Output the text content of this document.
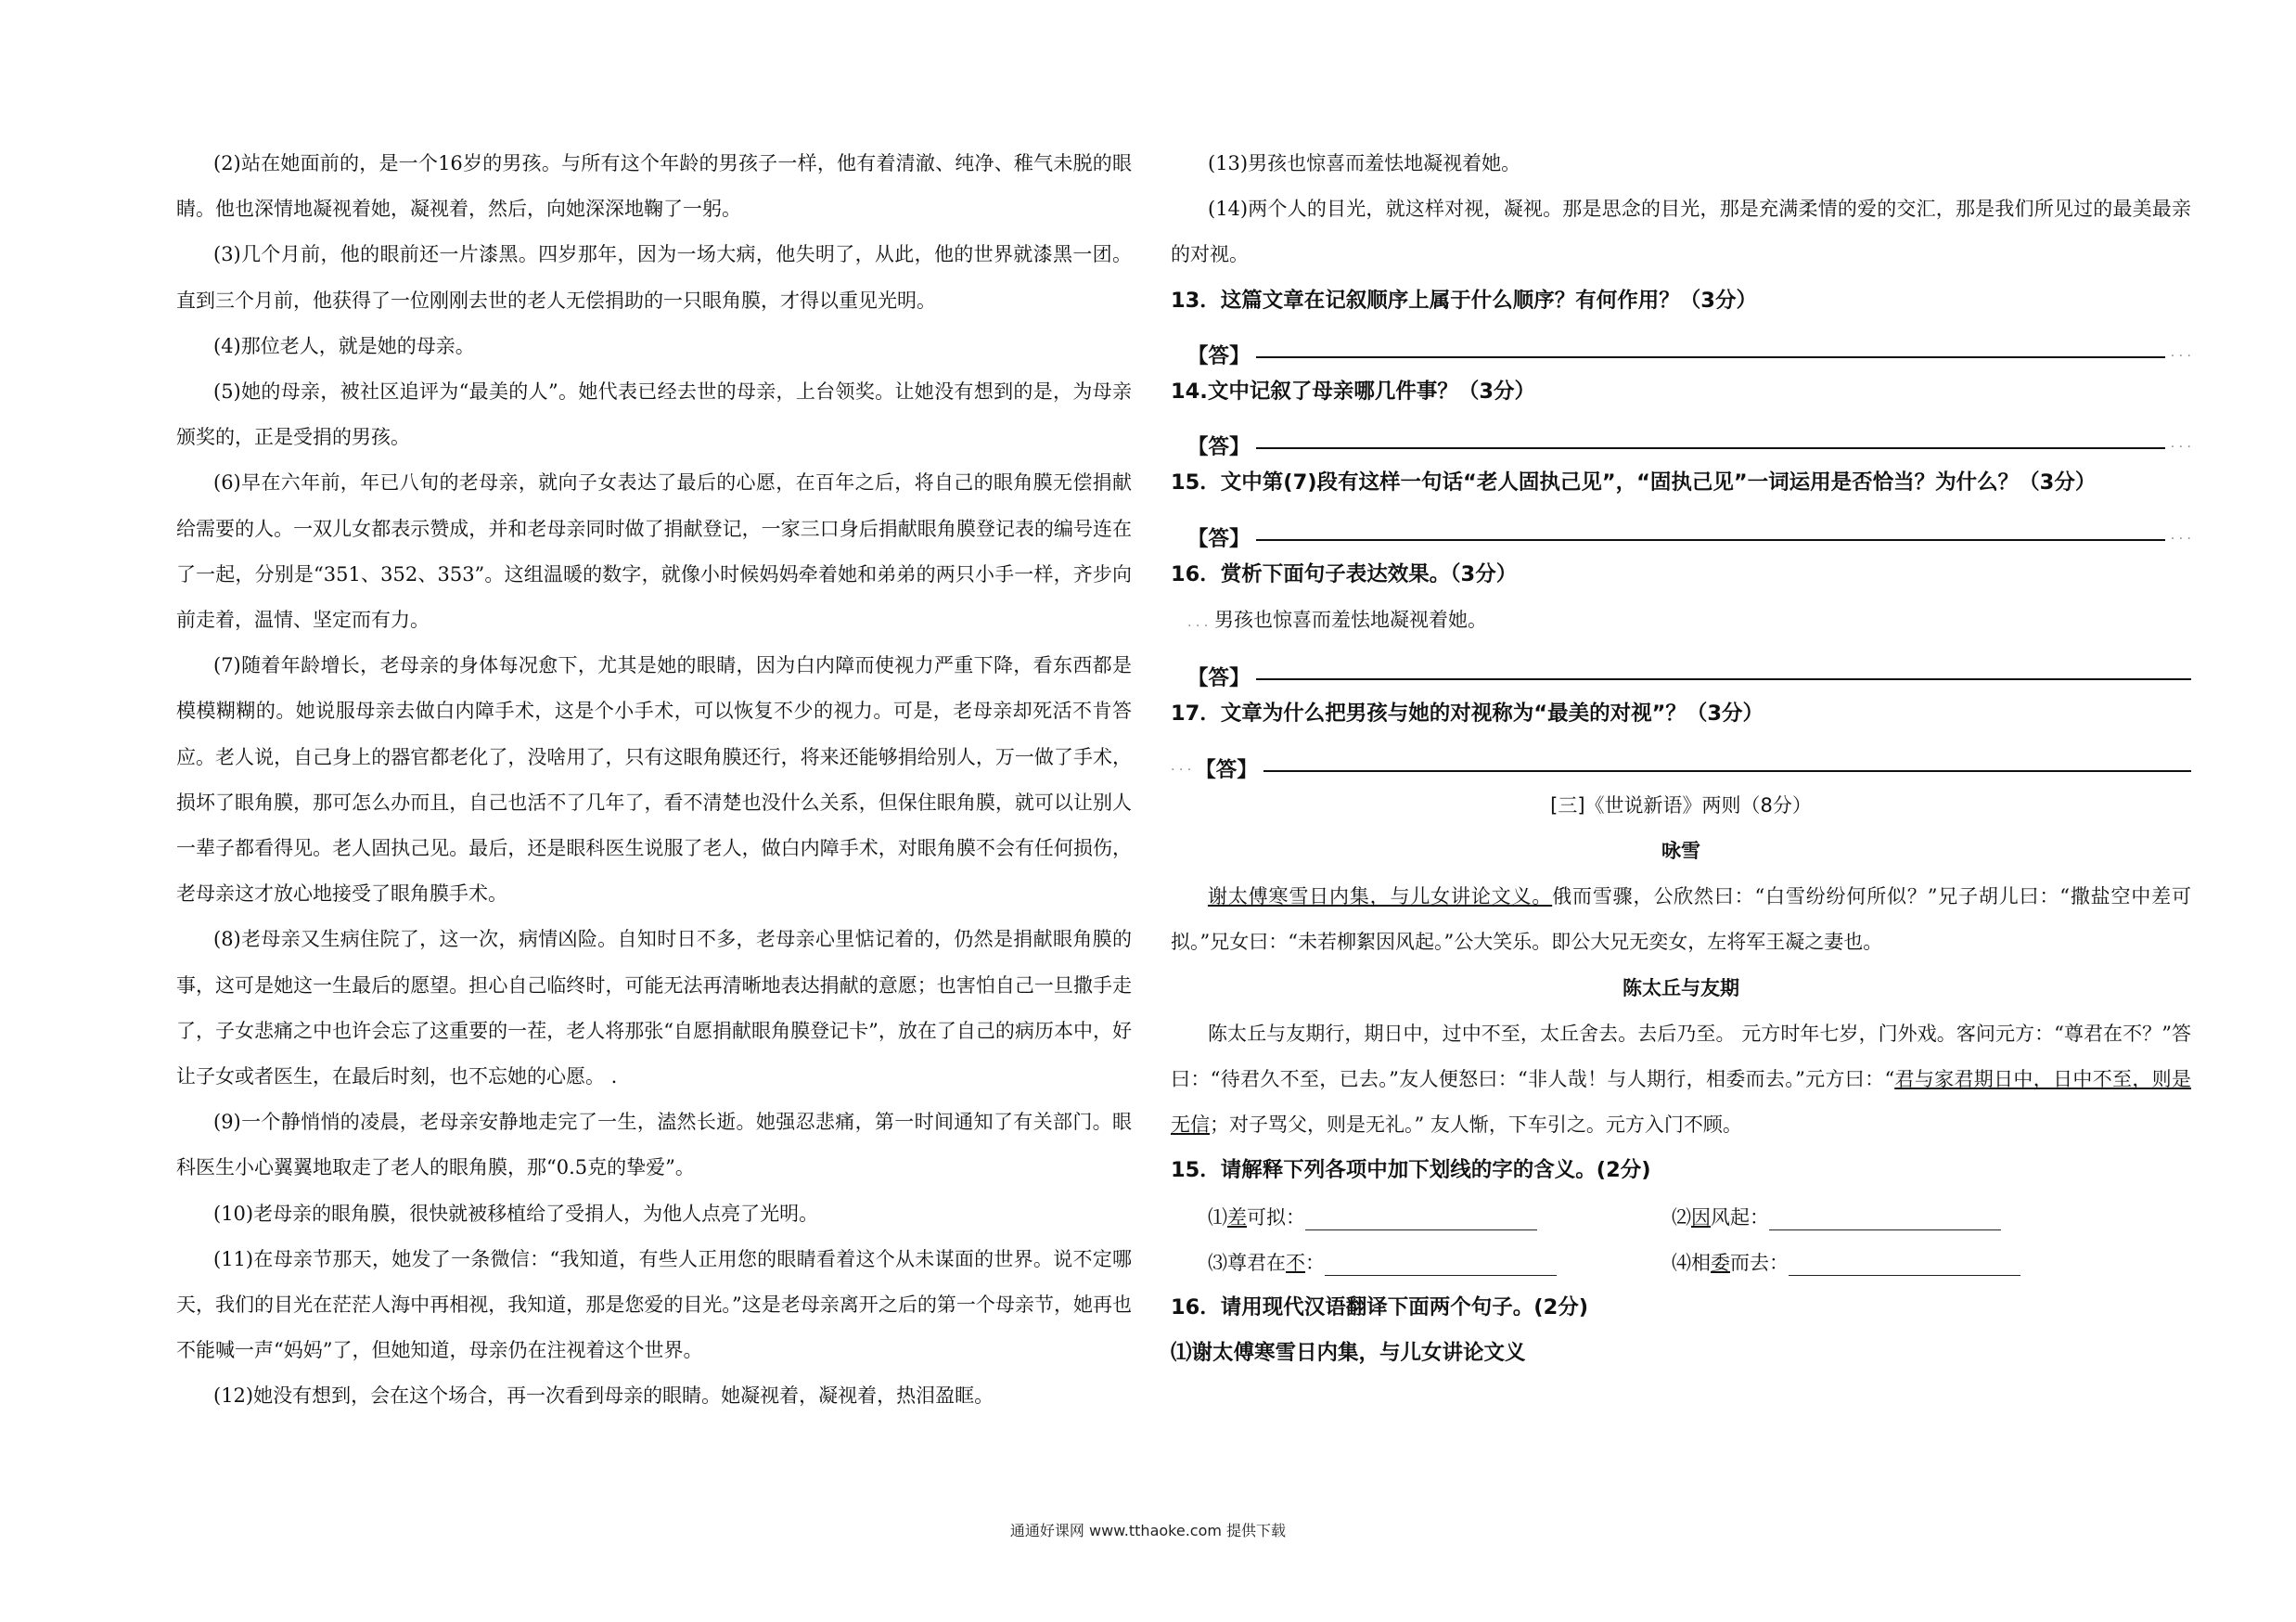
(2)站在她面前的，是一个16岁的男孩。与所有这个年龄的男孩子一样，他有着清澈、纯净、稚气未脱的眼睛。他也深情地凝视着她，凝视着，然后，向她深深地鞠了一躬。

(3)几个月前，他的眼前还一片漆黑。四岁那年，因为一场大病，他失明了，从此，他的世界就漆黑一团。直到三个月前，他获得了一位刚刚去世的老人无偿捐助的一只眼角膜，才得以重见光明。

(4)那位老人，就是她的母亲。

(5)她的母亲，被社区追评为“最美的人”。她代表已经去世的母亲，上台领奖。让她没有想到的是，为母亲颁奖的，正是受捐的男孩。

(6)早在六年前，年已八旬的老母亲，就向子女表达了最后的心愿，在百年之后，将自己的眼角膜无偿捐献给需要的人。一双儿女都表示赞成，并和老母亲同时做了捐献登记，一家三口身后捐献眼角膜登记表的编号连在了一起，分别是“351、352、353”。这组温暖的数字，就像小时候妈妈牵着她和弟弟的两只小手一样，齐步向前走着，温情、坚定而有力。

(7)随着年龄增长，老母亲的身体每况愈下，尤其是她的眼睛，因为白内障而使视力严重下降，看东西都是模模糊糊的。她说服母亲去做白内障手术，这是个小手术，可以恢复不少的视力。可是，老母亲却死活不肯答应。老人说，自己身上的器官都老化了，没啥用了，只有这眼角膜还行，将来还能够捐给别人，万一做了手术，损坏了眼角膜，那可怎么办而且，自己也活不了几年了，看不清楚也没什么关系，但保住眼角膜，就可以让别人一辈子都看得见。老人固执己见。最后，还是眼科医生说服了老人，做白内障手术，对眼角膜不会有任何损伤，老母亲这才放心地接受了眼角膜手术。

(8)老母亲又生病住院了，这一次，病情凶险。自知时日不多，老母亲心里惦记着的，仍然是捐献眼角膜的事，这可是她这一生最后的愿望。担心自己临终时，可能无法再清晰地表达捐献的意愿；也害怕自己一旦撒手走了，子女悲痛之中也许会忘了这重要的一茬，老人将那张“自愿捐献眼角膜登记卡”，放在了自己的病历本中，好让子女或者医生，在最后时刻，也不忘她的心愿。 .

(9)一个静悄悄的凌晨，老母亲安静地走完了一生，溘然长逝。她强忍悲痛，第一时间通知了有关部门。眼科医生小心翼翼地取走了老人的眼角膜，那“0.5克的挚爱”。

(10)老母亲的眼角膜，很快就被移植给了受捐人，为他人点亮了光明。

(11)在母亲节那天，她发了一条微信：“我知道，有些人正用您的眼睛看着这个从未谋面的世界。说不定哪天，我们的目光在茫茫人海中再相视，我知道，那是您爱的目光。”这是老母亲离开之后的第一个母亲节，她再也不能喊一声“妈妈”了，但她知道，母亲仍在注视着这个世界。

(12)她没有想到，会在这个场合，再一次看到母亲的眼睛。她凝视着，凝视着，热泪盈眶。

(13)男孩也惊喜而羞怯地凝视着她。

(14)两个人的目光，就这样对视，凝视。那是思念的目光，那是充满柔情的爱的交汇，那是我们所见过的最美最亲的对视。

13．这篇文章在记叙顺序上属于什么顺序？有何作用？（3分）

【答】	. . .

14.文中记叙了母亲哪几件事？（3分）

【答】	. . .

15．文中第(7)段有这样一句话“老人固执己见”，“固执己见”一词运用是否恰当？为什么？（3分）

【答】	. . .

16．赏析下面句子表达效果。（3分）

. . . 男孩也惊喜而羞怯地凝视着她。

【答】

17．文章为什么把男孩与她的对视称为“最美的对视”？（3分）

. . . 【答】

[三]《世说新语》两则（8分）

咏雪

谢太傅寒雪日内集，与儿女讲论文义。俄而雪骤，公欣然曰：“白雪纷纷何所似？”兄子胡儿曰：“撒盐空中差可拟。”兄女曰：“未若柳絮因风起。”公大笑乐。即公大兄无奕女，左将军王凝之妻也。

陈太丘与友期

陈太丘与友期行，期日中，过中不至，太丘舍去。去后乃至。 元方时年七岁，门外戏。客问元方：“尊君在不？”答曰：“待君久不至，已去。”友人便怒曰：“非人哉！与人期行，相委而去。”元方曰：“君与家君期日中，日中不至，则是无信；对子骂父，则是无礼。” 友人惭，下车引之。元方入门不顾。

15．请解释下列各项中加下划线的字的含义。(2分)

⑴差可拟：	⑵因风起：
⑶尊君在不：	⑷相委而去：

16．请用现代汉语翻译下面两个句子。(2分)

⑴谢太傅寒雪日内集，与儿女讲论文义

通通好课网 www.tthaoke.com 提供下载
